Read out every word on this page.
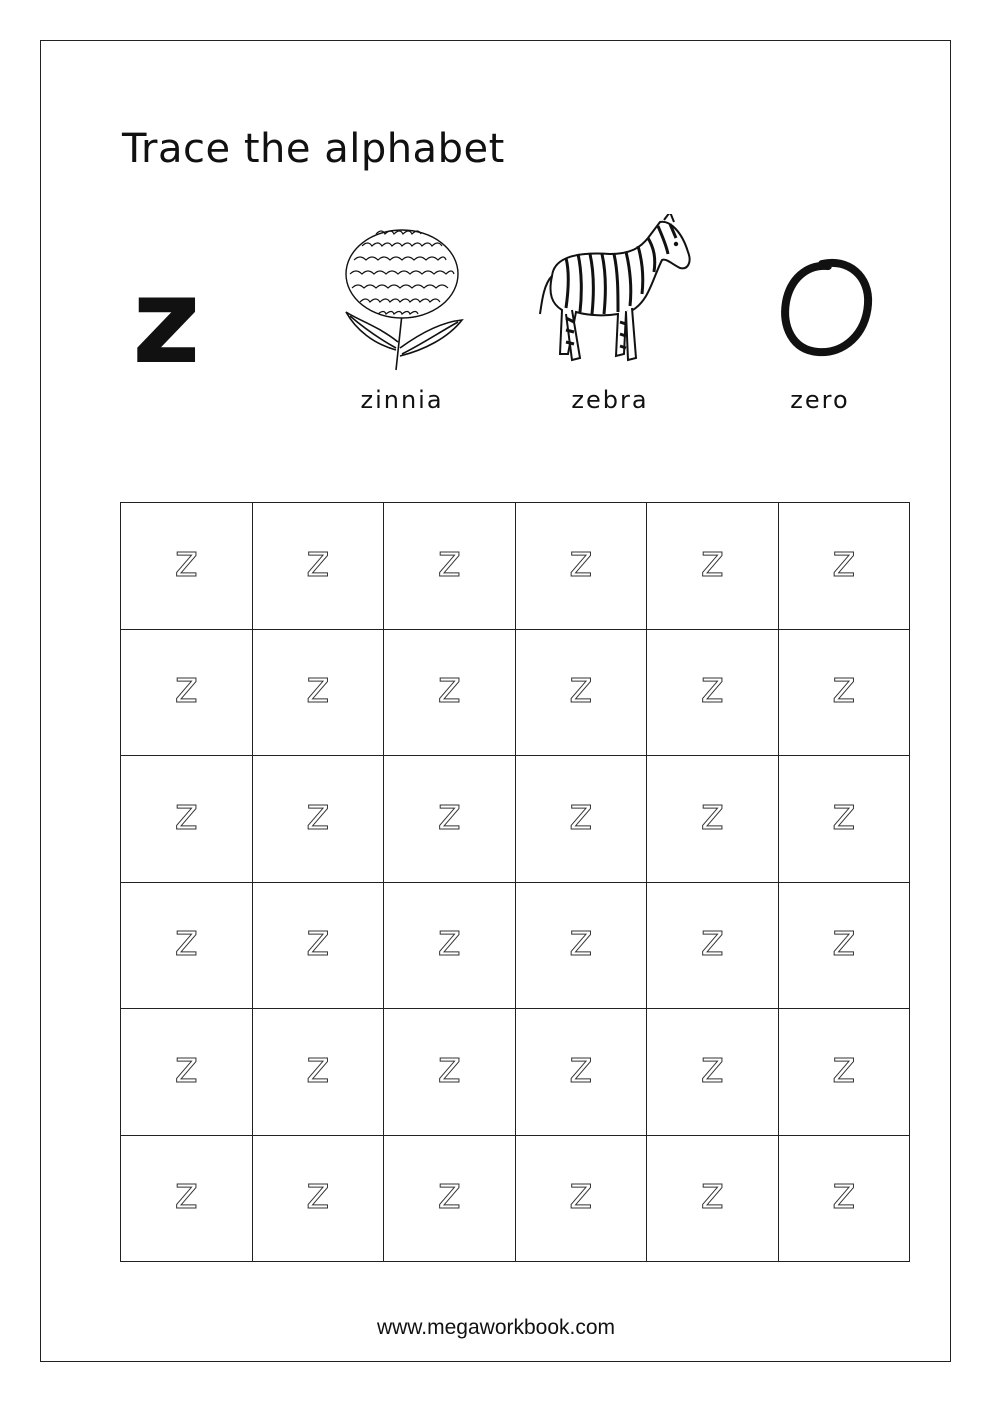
Trace the alphabet
z
zinnia	zebra	zero
z z z z z z
z z z z z z
z z z z z z
z z z z z z
z z z z z z
z z z z z z
www.megaworkbook.com
